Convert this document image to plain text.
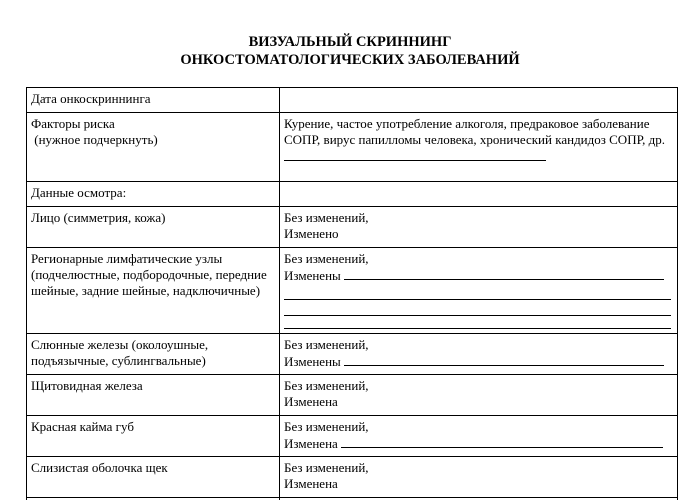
ВИЗУАЛЬНЫЙ СКРИННИНГ
ОНКОСТОМАТОЛОГИЧЕСКИХ ЗАБОЛЕВАНИЙ
Дата онкоскриннинга	

Факторы риска
(нужное подчеркнуть)	Курение, частое употребление алкоголя, предраковое заболевание СОПР, вирус папилломы человека, хронический кандидоз СОПР, др.

Данные осмотра:	
Лицо (симметрия, кожа)	Без изменений,
Изменено

Регионарные лимфатические узлы (подчелюстные, подбородочные, передние шейные, задние шейные, надключичные)	Без изменений,
Изменены

Слюнные железы (околоушные, подъязычные, сублингвальные)	Без изменений,
Изменены

Щитовидная железа	Без изменений,
Изменена

Красная кайма губ	Без изменений,
Изменена

Слизистая оболочка щек	Без изменений,
Изменена
